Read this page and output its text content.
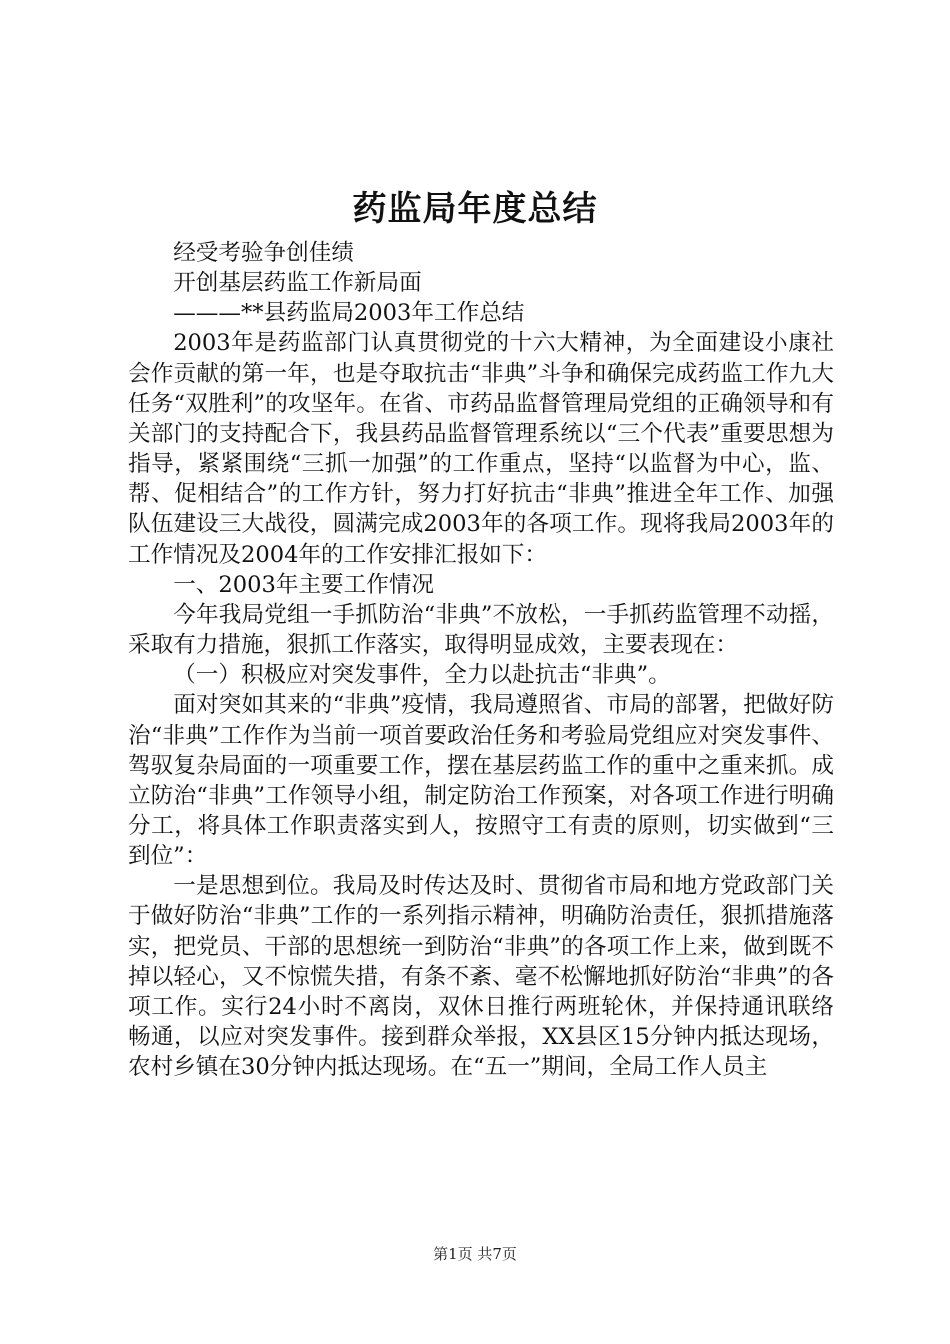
药监局年度总结

经受考验争创佳绩

开创基层药监工作新局面

———**县药监局2003年工作总结

2003年是药监部门认真贯彻党的十六大精神，为全面建设小康社会作贡献的第一年，也是夺取抗击“非典”斗争和确保完成药监工作九大任务“双胜利”的攻坚年。在省、市药品监督管理局党组的正确领导和有关部门的支持配合下，我县药品监督管理系统以“三个代表”重要思想为指导，紧紧围绕“三抓一加强”的工作重点，坚持“以监督为中心，监、帮、促相结合”的工作方针，努力打好抗击“非典”推进全年工作、加强队伍建设三大战役，圆满完成2003年的各项工作。现将我局2003年的工作情况及2004年的工作安排汇报如下：

一、2003年主要工作情况

今年我局党组一手抓防治“非典”不放松，一手抓药监管理不动摇，采取有力措施，狠抓工作落实，取得明显成效，主要表现在：

（一）积极应对突发事件，全力以赴抗击“非典”。

面对突如其来的“非典”疫情，我局遵照省、市局的部署，把做好防治“非典”工作作为当前一项首要政治任务和考验局党组应对突发事件、驾驭复杂局面的一项重要工作，摆在基层药监工作的重中之重来抓。成立防治“非典”工作领导小组，制定防治工作预案，对各项工作进行明确分工，将具体工作职责落实到人，按照守工有责的原则，切实做到“三到位”：

一是思想到位。我局及时传达及时、贯彻省市局和地方党政部门关于做好防治“非典”工作的一系列指示精神，明确防治责任，狠抓措施落实，把党员、干部的思想统一到防治“非典”的各项工作上来，做到既不掉以轻心，又不惊慌失措，有条不紊、毫不松懈地抓好防治“非典”的各项工作。实行24小时不离岗，双休日推行两班轮休，并保持通讯联络畅通，以应对突发事件。接到群众举报，XX县区15分钟内抵达现场，农村乡镇在30分钟内抵达现场。在“五一”期间，全局工作人员主

第1页 共7页
